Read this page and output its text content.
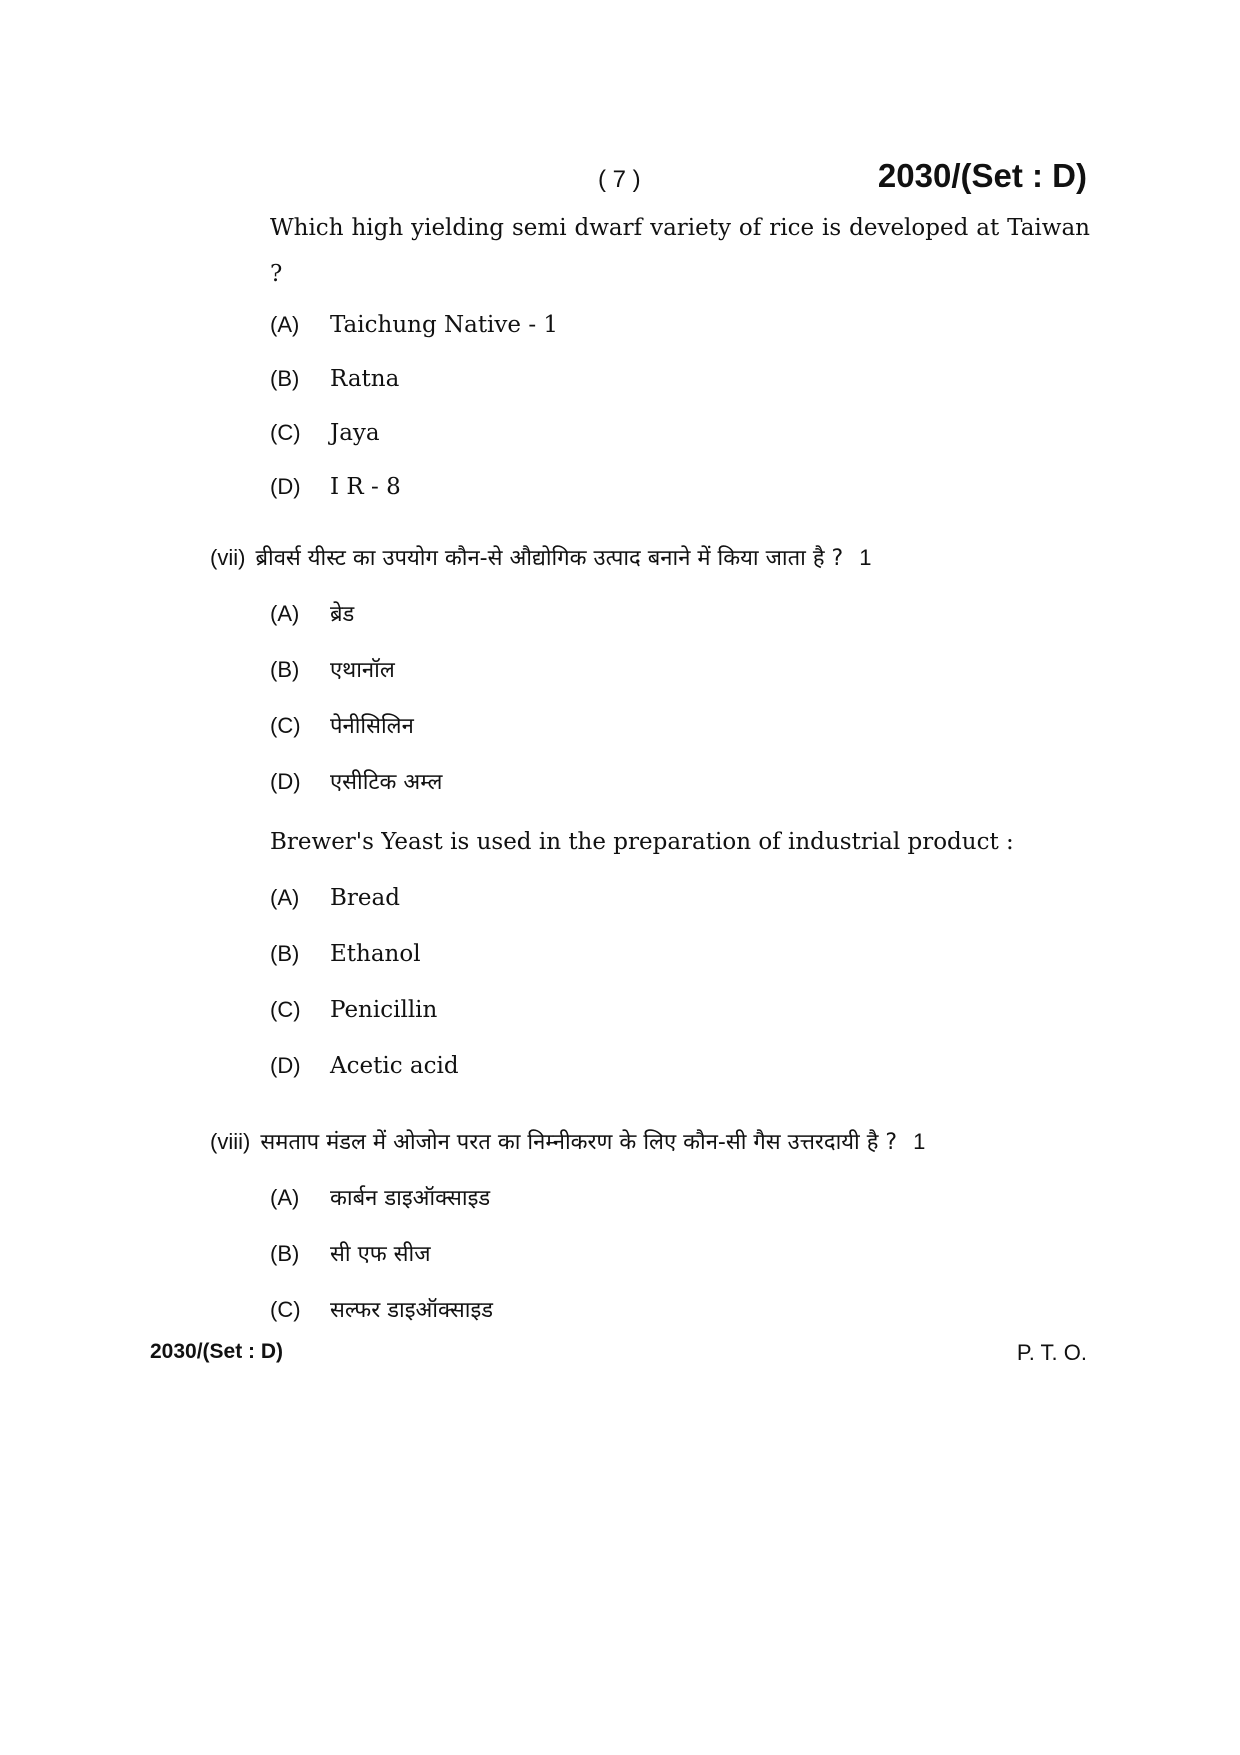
( 7 )	2030/(Set : D)
Which high yielding semi dwarf variety of rice is developed at Taiwan ?
(A) Taichung Native - 1
(B) Ratna
(C) Jaya
(D) I R - 8
(vii) ब्रीवर्स यीस्ट का उपयोग कौन-से औद्योगिक उत्पाद बनाने में किया जाता है ? 1
(A) ब्रेड
(B) एथानॉल
(C) पेनीसिलिन
(D) एसीटिक अम्ल
Brewer's Yeast is used in the preparation of industrial product :
(A) Bread
(B) Ethanol
(C) Penicillin
(D) Acetic acid
(viii) समताप मंडल में ओजोन परत का निम्नीकरण के लिए कौन-सी गैस उत्तरदायी है ? 1
(A) कार्बन डाइऑक्साइड
(B) सी एफ सीज
(C) सल्फर डाइऑक्साइड
2030/(Set : D)	P. T. O.
